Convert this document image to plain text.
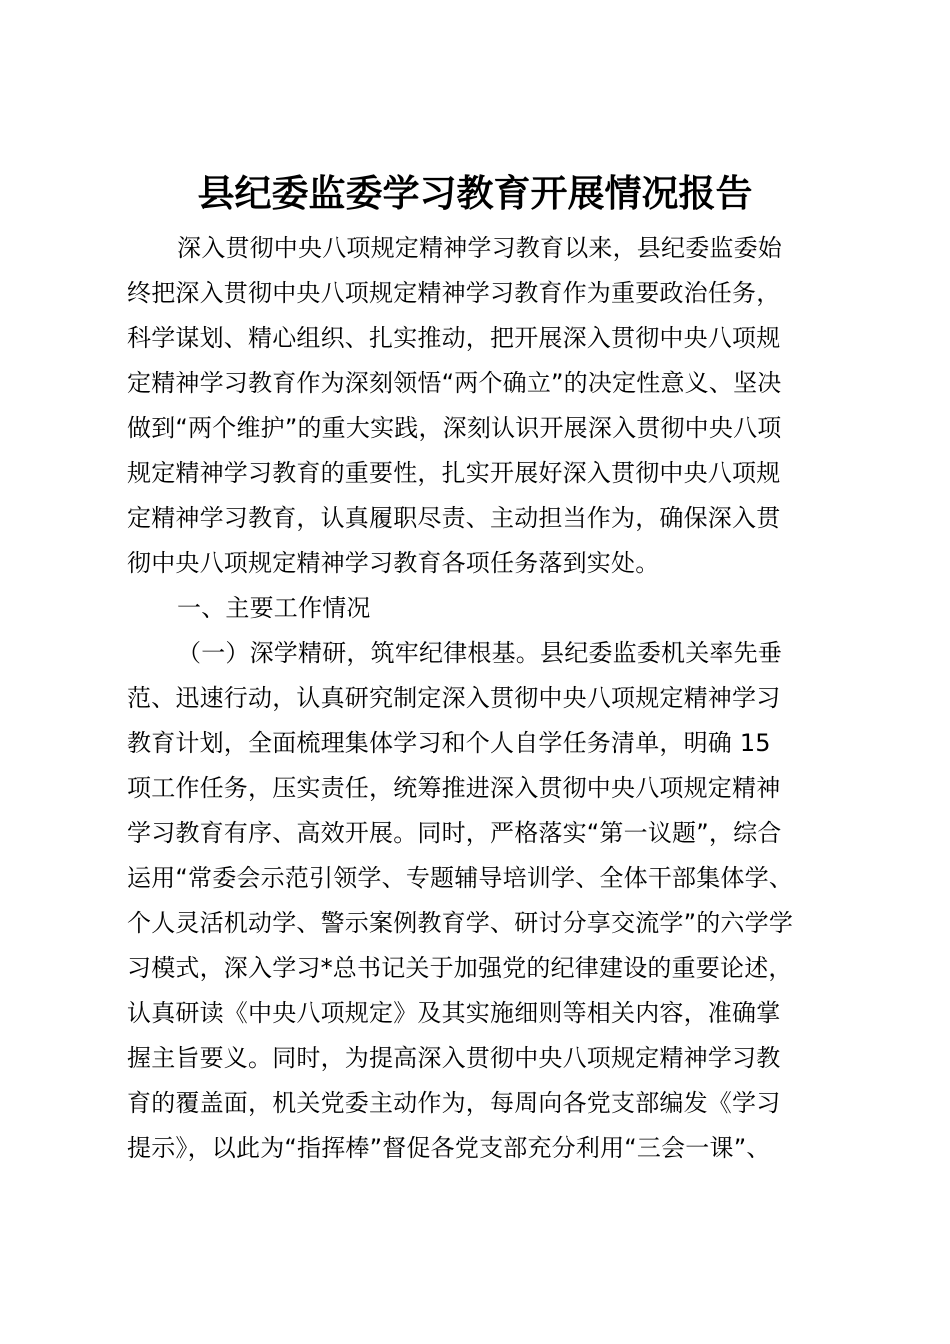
县纪委监委学习教育开展情况报告
深入贯彻中央八项规定精神学习教育以来，县纪委监委始
终把深入贯彻中央八项规定精神学习教育作为重要政治任务，
科学谋划、精心组织、扎实推动，把开展深入贯彻中央八项规
定精神学习教育作为深刻领悟“两个确立”的决定性意义、坚决
做到“两个维护”的重大实践，深刻认识开展深入贯彻中央八项
规定精神学习教育的重要性，扎实开展好深入贯彻中央八项规
定精神学习教育，认真履职尽责、主动担当作为，确保深入贯
彻中央八项规定精神学习教育各项任务落到实处。
一、主要工作情况
（一）深学精研，筑牢纪律根基。县纪委监委机关率先垂
范、迅速行动，认真研究制定深入贯彻中央八项规定精神学习
教育计划，全面梳理集体学习和个人自学任务清单，明确 15
项工作任务，压实责任，统筹推进深入贯彻中央八项规定精神
学习教育有序、高效开展。同时，严格落实“第一议题”，综合
运用“常委会示范引领学、专题辅导培训学、全体干部集体学、
个人灵活机动学、警示案例教育学、研讨分享交流学”的六学学
习模式，深入学习*总书记关于加强党的纪律建设的重要论述，
认真研读《中央八项规定》及其实施细则等相关内容，准确掌
握主旨要义。同时，为提高深入贯彻中央八项规定精神学习教
育的覆盖面，机关党委主动作为，每周向各党支部编发《学习
提示》，以此为“指挥棒”督促各党支部充分利用“三会一课”、
